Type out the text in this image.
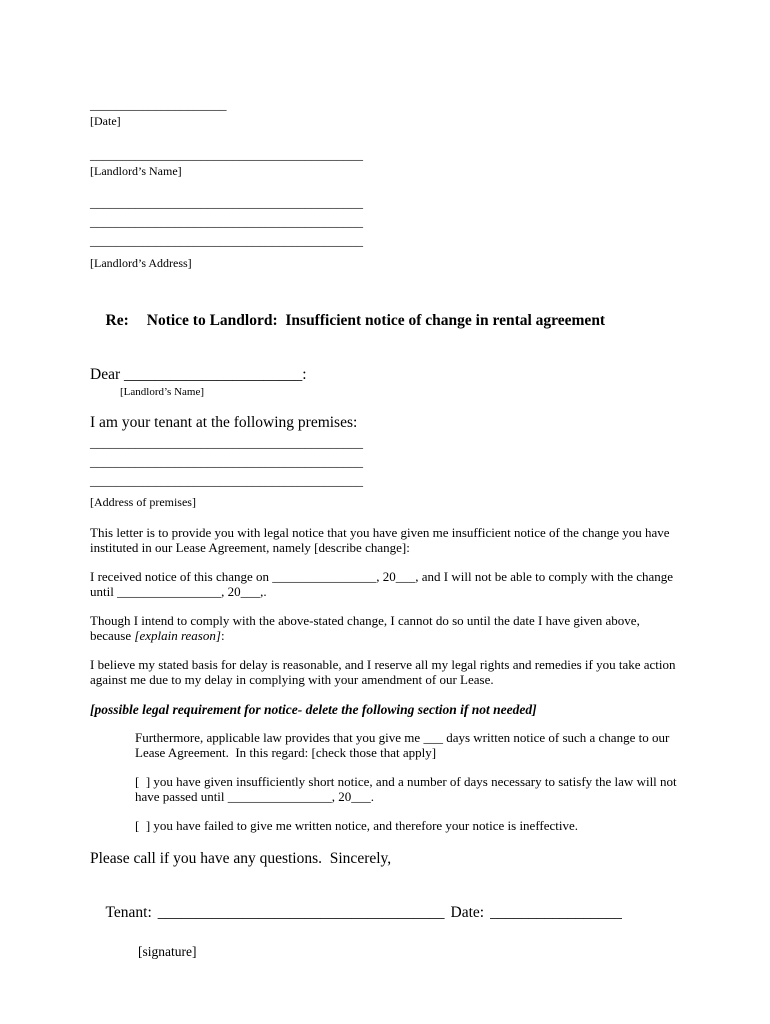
_____________________
[Date]
__________________________________________
[Landlord’s Name]
__________________________________________
__________________________________________
__________________________________________
[Landlord’s Address]

Re: Notice to Landlord:  Insufficient notice of change in rental agreement

Dear _______________________:
[Landlord’s Name]
I am your tenant at the following premises:
__________________________________________
__________________________________________
__________________________________________
[Address of premises]

This letter is to provide you with legal notice that you have given me insufficient notice of the change you have instituted in our Lease Agreement, namely [describe change]:

I received notice of this change on ________________, 20___, and I will not be able to comply with the change until ________________, 20___,.

Though I intend to comply with the above-stated change, I cannot do so until the date I have given above, because [explain reason]:

I believe my stated basis for delay is reasonable, and I reserve all my legal rights and remedies if you take action against me due to my delay in complying with your amendment of our Lease.

[possible legal requirement for notice- delete the following section if not needed]

Furthermore, applicable law provides that you give me ___ days written notice of such a change to our Lease Agreement.  In this regard: [check those that apply]

[  ] you have given insufficiently short notice, and a number of days necessary to satisfy the law will not have passed until ________________, 20___.

[  ] you have failed to give me written notice, and therefore your notice is ineffective.

Please call if you have any questions.  Sincerely,

Tenant: _____________________________________ Date: _________________

[signature]
